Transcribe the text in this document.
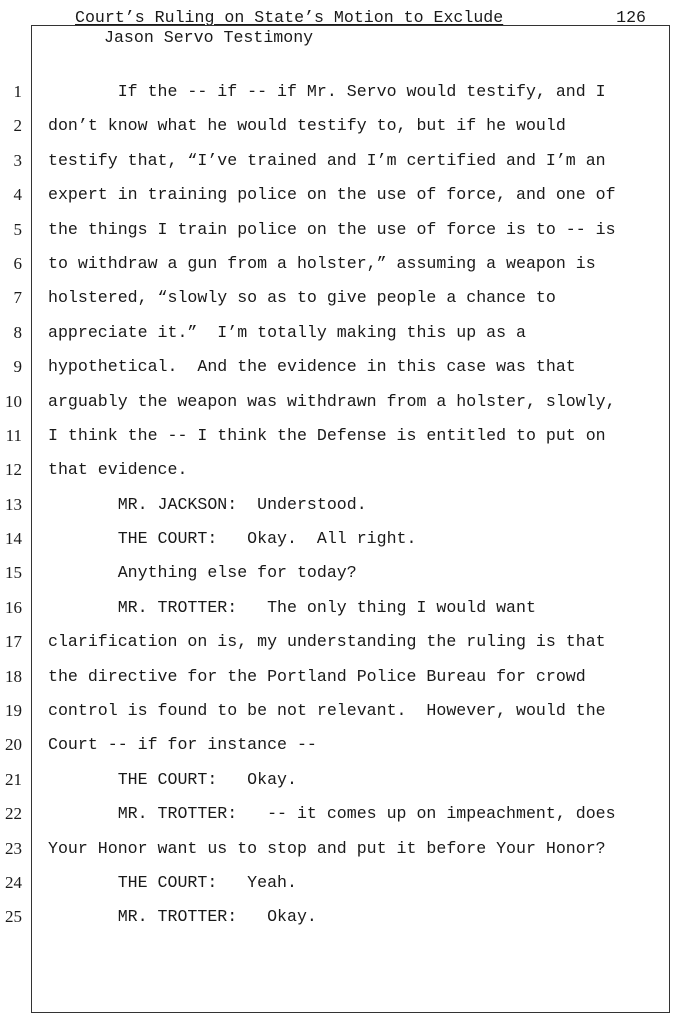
Court’s Ruling on State’s Motion to Exclude
Jason Servo Testimony
126
1 If the -- if -- if Mr. Servo would testify, and I
2 don’t know what he would testify to, but if he would
3 testify that, “I’ve trained and I’m certified and I’m an
4 expert in training police on the use of force, and one of
5 the things I train police on the use of force is to -- is
6 to withdraw a gun from a holster,” assuming a weapon is
7 holstered, “slowly so as to give people a chance to
8 appreciate it.”  I’m totally making this up as a
9 hypothetical.  And the evidence in this case was that
10 arguably the weapon was withdrawn from a holster, slowly,
11 I think the -- I think the Defense is entitled to put on
12 that evidence.
13 MR. JACKSON:  Understood.
14 THE COURT:   Okay.  All right.
15 Anything else for today?
16 MR. TROTTER:   The only thing I would want
17 clarification on is, my understanding the ruling is that
18 the directive for the Portland Police Bureau for crowd
19 control is found to be not relevant.  However, would the
20 Court -- if for instance --
21 THE COURT:   Okay.
22 MR. TROTTER:   -- it comes up on impeachment, does
23 Your Honor want us to stop and put it before Your Honor?
24 THE COURT:   Yeah.
25 MR. TROTTER:   Okay.
